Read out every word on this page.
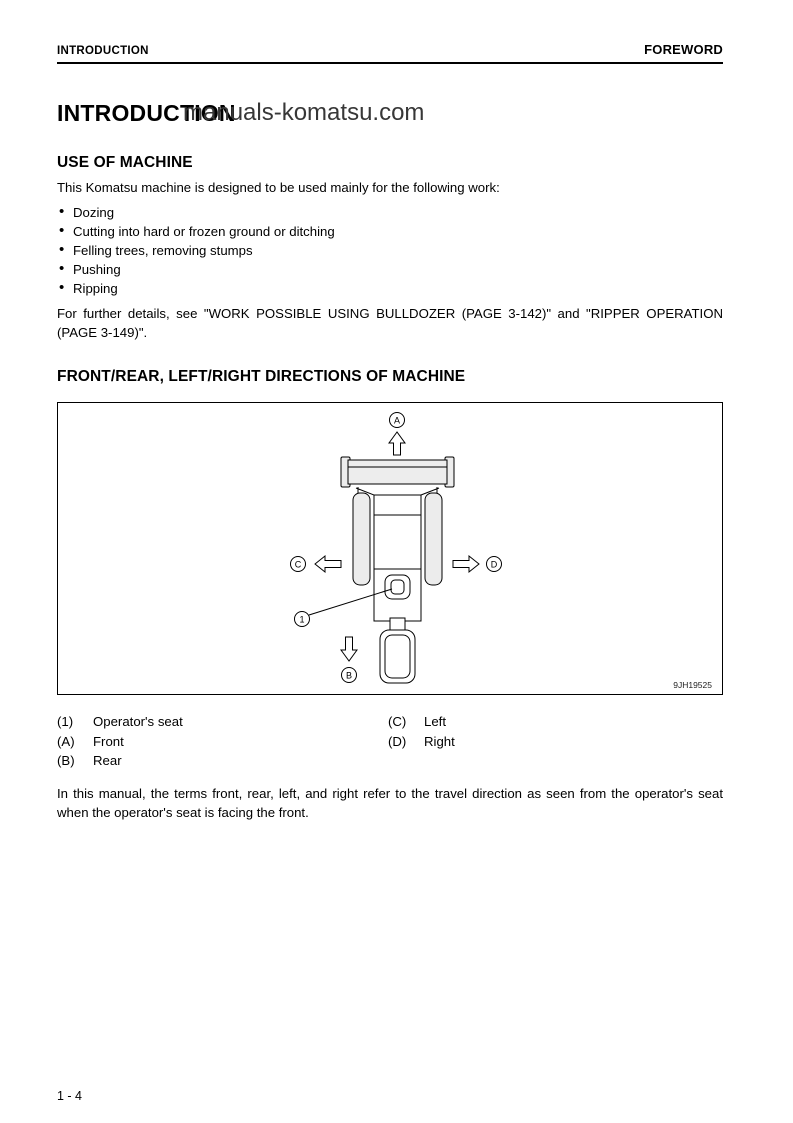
INTRODUCTION	FOREWORD
INTRODUCTION
manuals-komatsu.com
USE OF MACHINE

This Komatsu machine is designed to be used mainly for the following work:

• Dozing
• Cutting into hard or frozen ground or ditching
• Felling trees, removing stumps
• Pushing
• Ripping

For further details, see "WORK POSSIBLE USING BULLDOZER (PAGE 3-142)" and "RIPPER OPERATION (PAGE 3-149)".

FRONT/REAR, LEFT/RIGHT DIRECTIONS OF MACHINE
A
C	D
1
B
9JH19525
(1)	Operator's seat
(A)	Front
(B)	Rear
(C)	Left
(D)	Right

In this manual, the terms front, rear, left, and right refer to the travel direction as seen from the operator's seat when the operator's seat is facing the front.

1 - 4
